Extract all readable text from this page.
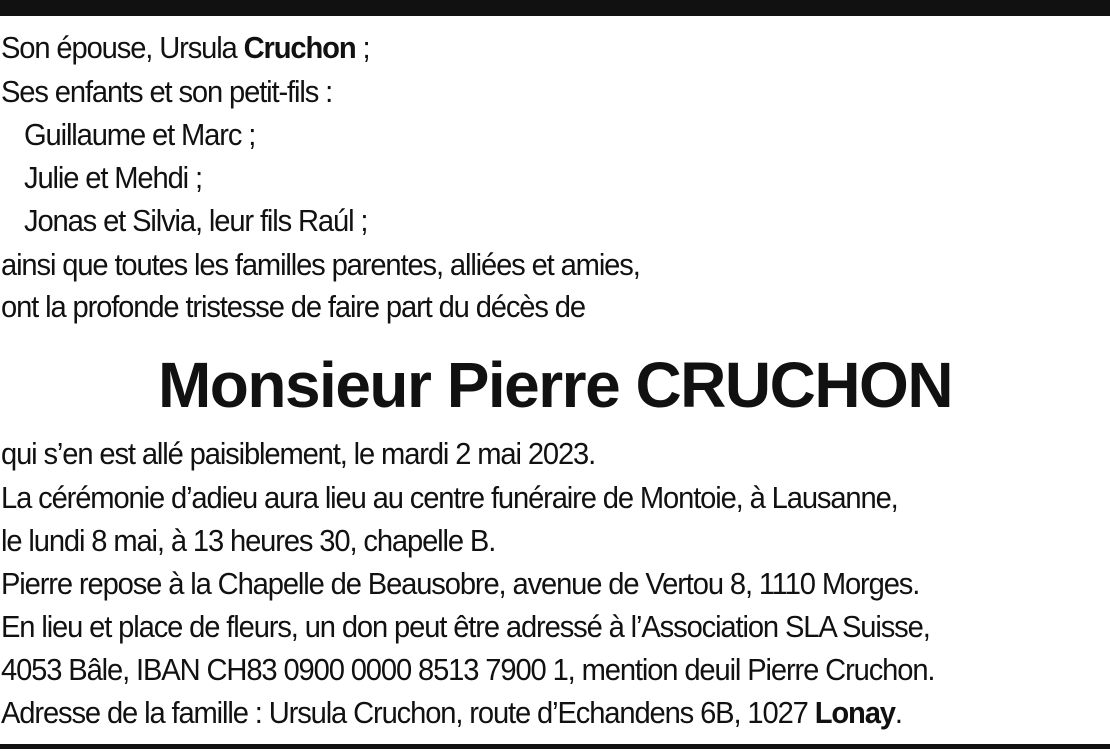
Son épouse, Ursula Cruchon ;
Ses enfants et son petit-fils :
Guillaume et Marc ;
Julie et Mehdi ;
Jonas et Silvia, leur fils Raúl ;
ainsi que toutes les familles parentes, alliées et amies,
ont la profonde tristesse de faire part du décès de
Monsieur Pierre CRUCHON
qui s’en est allé paisiblement, le mardi 2 mai 2023.
La cérémonie d’adieu aura lieu au centre funéraire de Montoie, à Lausanne,
le lundi 8 mai, à 13 heures 30, chapelle B.
Pierre repose à la Chapelle de Beausobre, avenue de Vertou 8, 1110 Morges.
En lieu et place de fleurs, un don peut être adressé à l’Association SLA Suisse,
4053 Bâle, IBAN CH83 0900 0000 8513 7900 1, mention deuil Pierre Cruchon.
Adresse de la famille : Ursula Cruchon, route d’Echandens 6B, 1027 Lonay.
